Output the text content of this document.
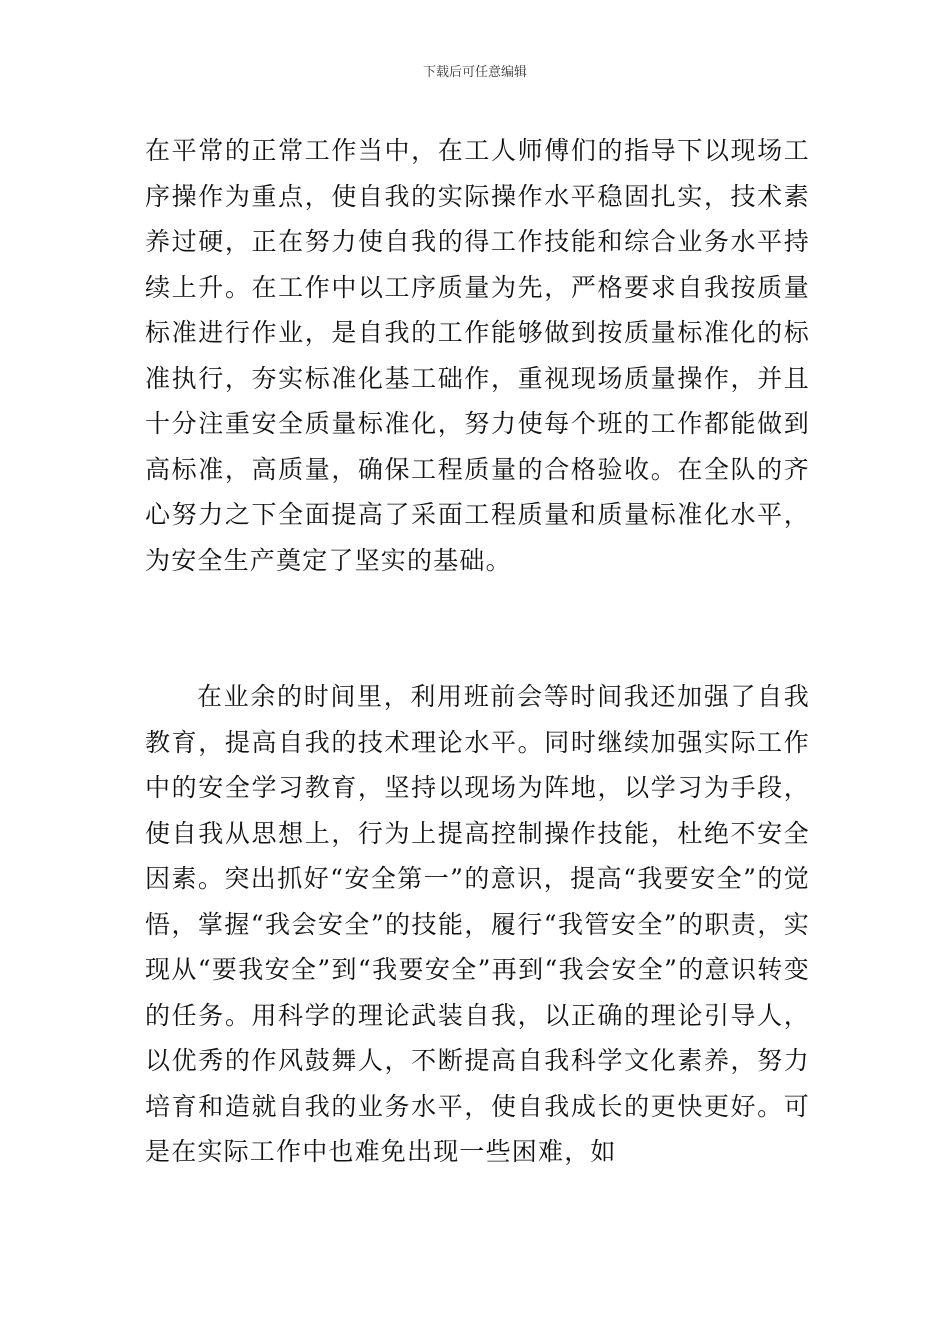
下载后可任意编辑

在平常的正常工作当中，在工人师傅们的指导下以现场工序操作为重点，使自我的实际操作水平稳固扎实，技术素养过硬，正在努力使自我的得工作技能和综合业务水平持续上升。在工作中以工序质量为先，严格要求自我按质量标准进行作业，是自我的工作能够做到按质量标准化的标准执行，夯实标准化基工础作，重视现场质量操作，并且十分注重安全质量标准化，努力使每个班的工作都能做到高标准，高质量，确保工程质量的合格验收。在全队的齐心努力之下全面提高了采面工程质量和质量标准化水平，为安全生产奠定了坚实的基础。

在业余的时间里，利用班前会等时间我还加强了自我教育，提高自我的技术理论水平。同时继续加强实际工作中的安全学习教育，坚持以现场为阵地，以学习为手段，使自我从思想上，行为上提高控制操作技能，杜绝不安全因素。突出抓好“安全第一”的意识，提高“我要安全”的觉悟，掌握“我会安全”的技能，履行“我管安全”的职责，实现从“要我安全”到“我要安全”再到“我会安全”的意识转变的任务。用科学的理论武装自我，以正确的理论引导人，以优秀的作风鼓舞人，不断提高自我科学文化素养，努力培育和造就自我的业务水平，使自我成长的更快更好。可是在实际工作中也难免出现一些困难，如
